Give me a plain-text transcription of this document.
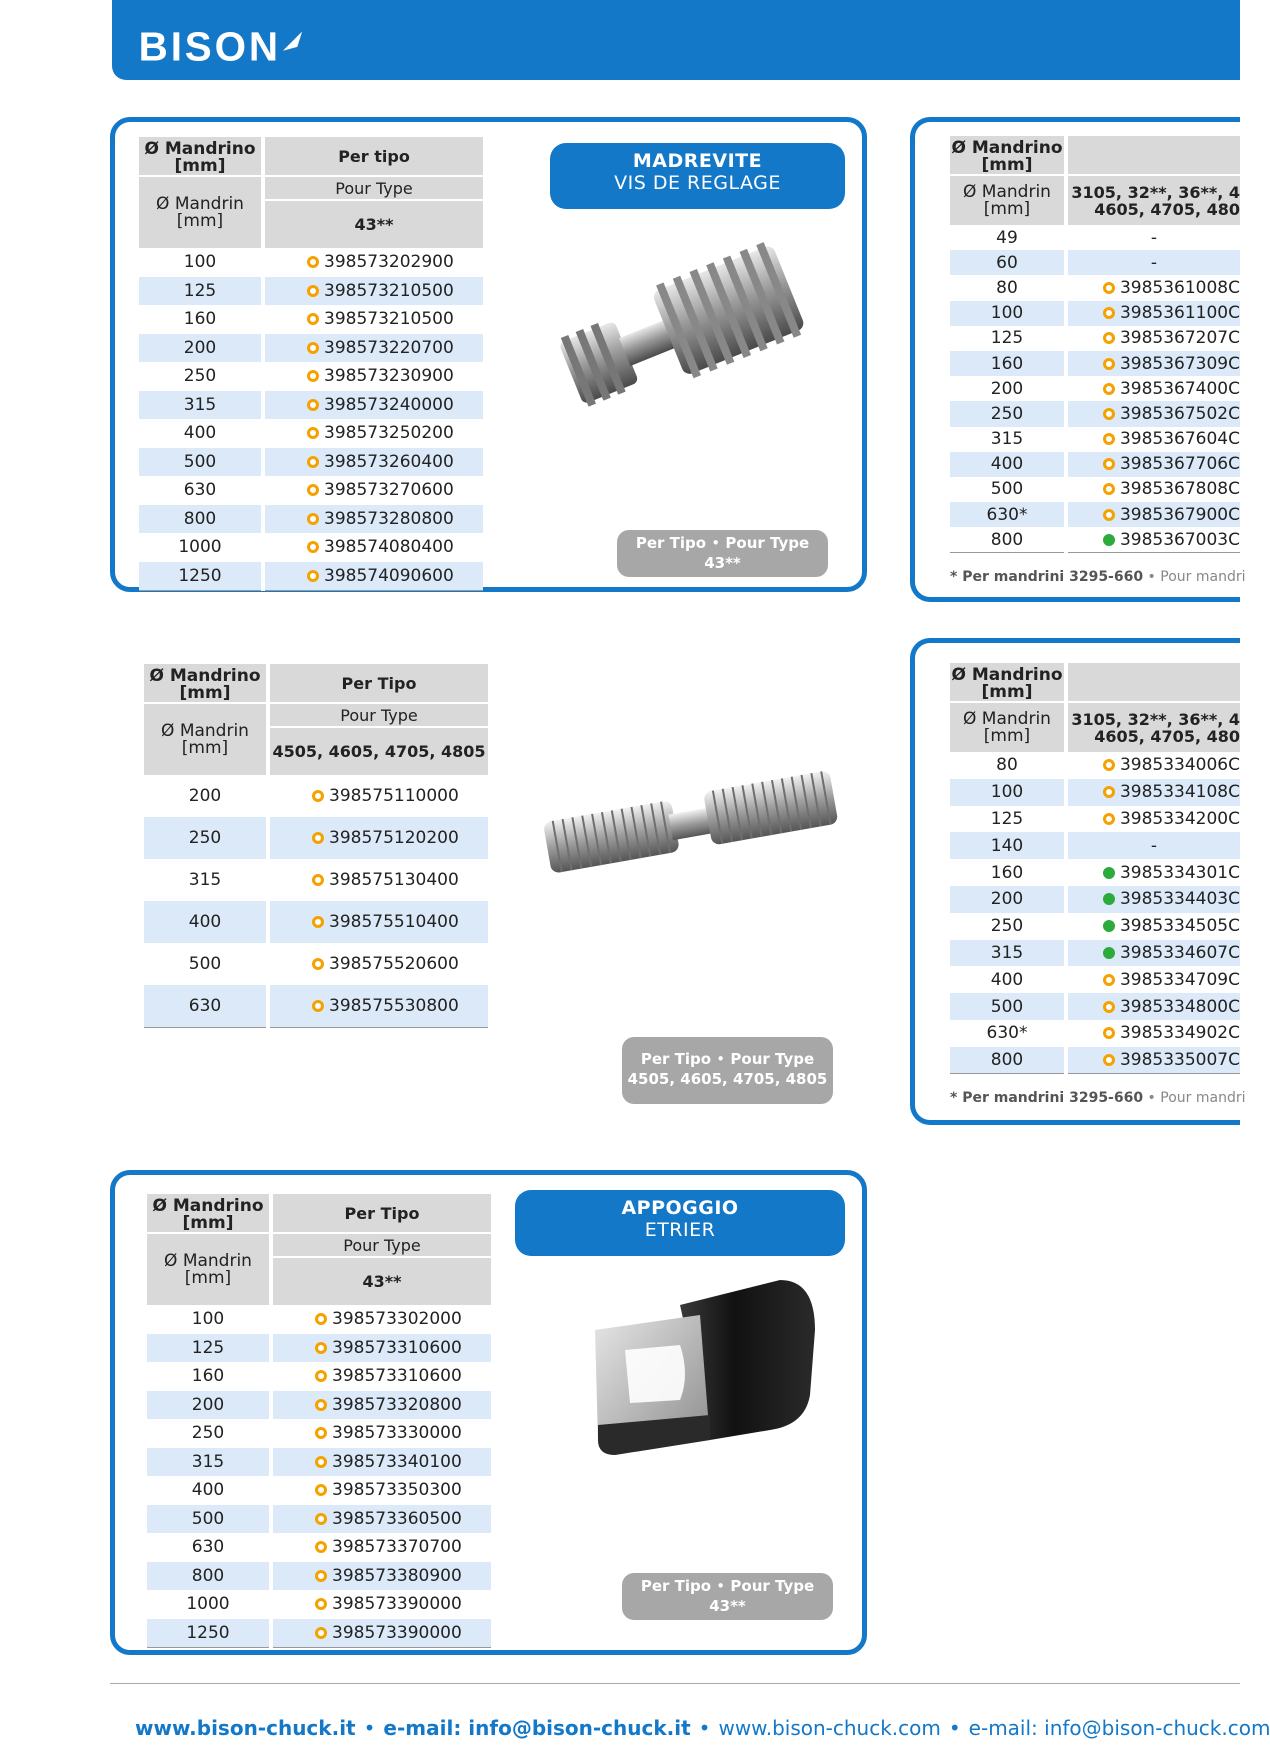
BISON
Ø Mandrino [mm]	Per tipo
Ø Mandrin [mm]	Pour Type
	43**
100	398573202900
125	398573210500
160	398573210500
200	398573220700
250	398573230900
315	398573240000
400	398573250200
500	398573260400
630	398573270600
800	398573280800
1000	398574080400
1250	398574090600
MADREVITE
VIS DE REGLAGE
Per Tipo • Pour Type
43**
Ø Mandrino [mm]	Per Tipo
Ø Mandrin [mm]	Pour Type
	4505, 4605, 4705, 4805
200	398575110000
250	398575120200
315	398575130400
400	398575510400
500	398575520600
630	398575530800
Per Tipo • Pour Type
4505, 4605, 4705, 4805
Ø Mandrino [mm]	Per Tipo
Ø Mandrin [mm]	Pour Type
	43**
100	398573302000
125	398573310600
160	398573310600
200	398573320800
250	398573330000
315	398573340100
400	398573350300
500	398573360500
630	398573370700
800	398573380900
1000	398573390000
1250	398573390000
APPOGGIO
ETRIER
Per Tipo • Pour Type
43**
Ø Mandrino [mm]	
Ø Mandrin [mm]	3105, 32**, 36**, 4
4605, 4705, 480

49	-
60	-
80	3985361008C
100	3985361100C
125	3985367207C
160	3985367309C
200	3985367400C
250	3985367502C
315	3985367604C
400	3985367706C
500	3985367808C
630*	3985367900C
800	3985367003C
* Per mandrini 3295-660 • Pour mandri
Ø Mandrino [mm]	
Ø Mandrin [mm]	3105, 32**, 36**, 4
4605, 4705, 480

80	3985334006C
100	3985334108C
125	3985334200C
140	-
160	3985334301C
200	3985334403C
250	3985334505C
315	3985334607C
400	3985334709C
500	3985334800C
630*	3985334902C
800	3985335007C
* Per mandrini 3295-660 • Pour mandri
www.bison-chuck.it • e-mail: info@bison-chuck.it • www.bison-chuck.com • e-mail: info@bison-chuck.com
